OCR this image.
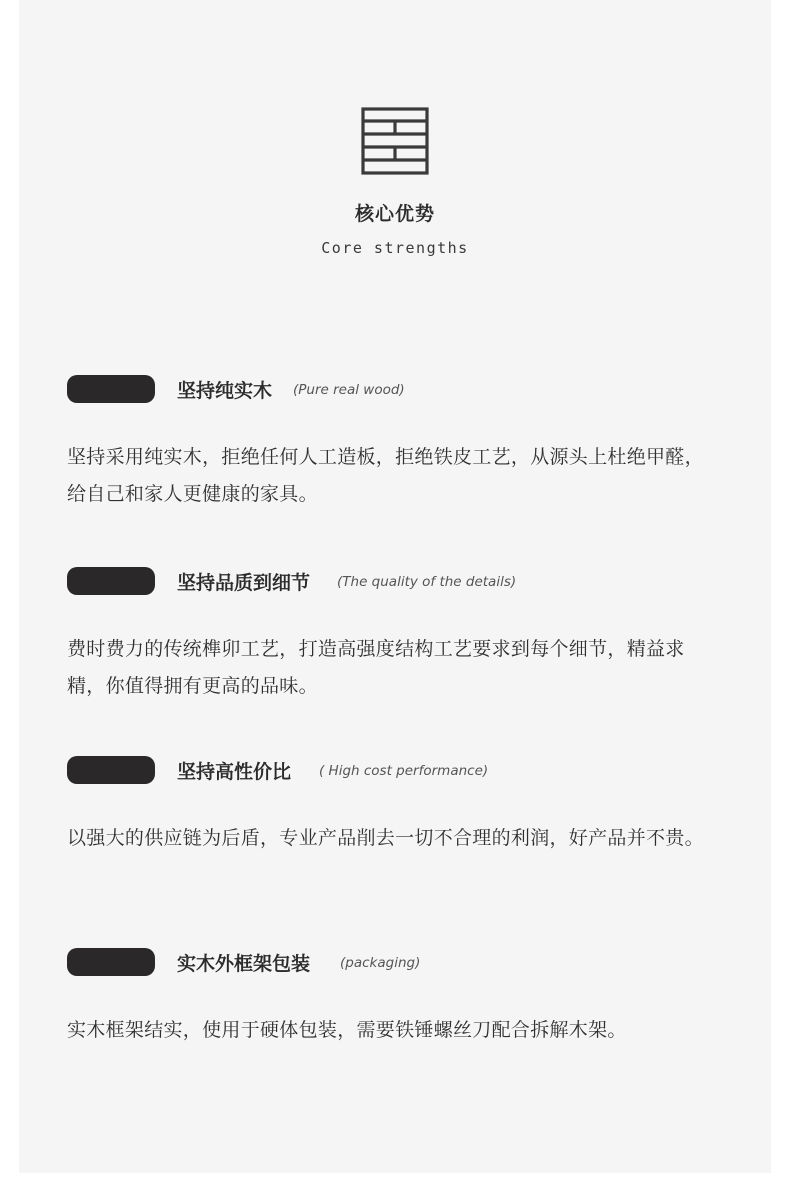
核心优势
Core strengths
坚持纯实木 (Pure real wood)
坚持采用纯实木，拒绝任何人工造板，拒绝铁皮工艺，从源头上杜绝甲醛，给自己和家人更健康的家具。
坚持品质到细节 (The quality of the details)
费时费力的传统榫卯工艺，打造高强度结构工艺要求到每个细节，精益求精，你值得拥有更高的品味。
坚持高性价比 ( High cost performance)
以强大的供应链为后盾，专业产品削去一切不合理的利润，好产品并不贵。
实木外框架包装 (packaging)
实木框架结实，使用于硬体包装，需要铁锤螺丝刀配合拆解木架。
